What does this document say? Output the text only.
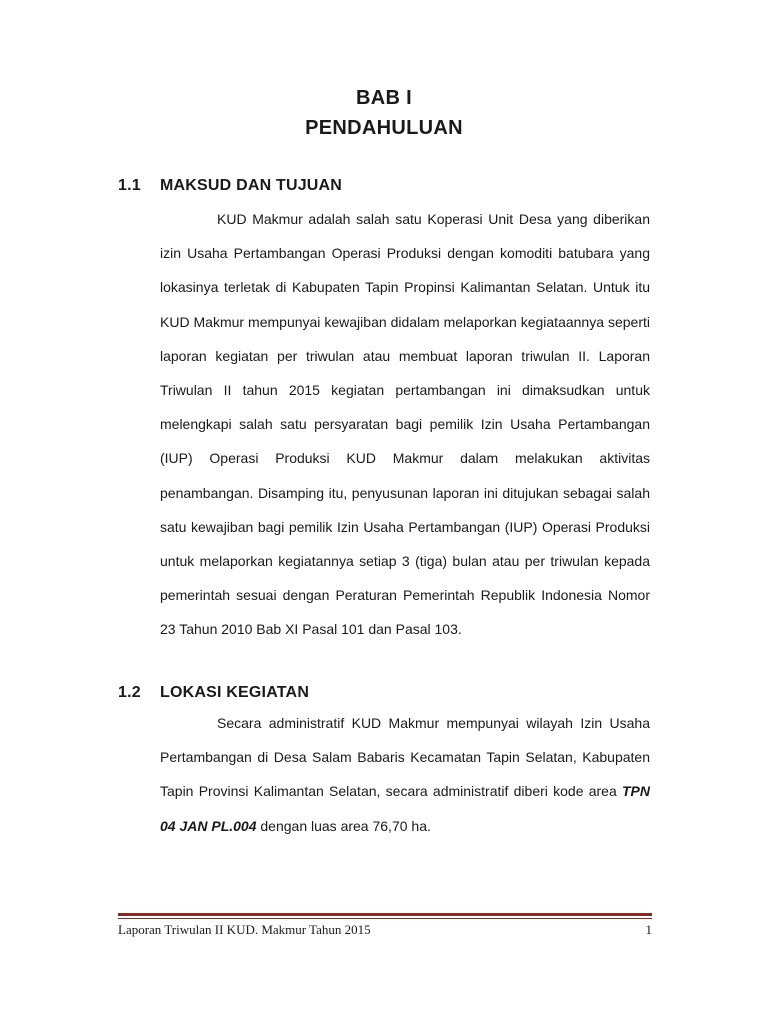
BAB I
PENDAHULUAN
1.1 MAKSUD DAN TUJUAN

KUD Makmur adalah salah satu Koperasi Unit Desa yang diberikan izin Usaha Pertambangan Operasi Produksi dengan komoditi batubara yang lokasinya terletak di Kabupaten Tapin Propinsi Kalimantan Selatan. Untuk itu KUD Makmur mempunyai kewajiban didalam melaporkan kegiataannya seperti laporan kegiatan per triwulan atau membuat laporan triwulan II. Laporan Triwulan II tahun 2015 kegiatan pertambangan ini dimaksudkan untuk melengkapi salah satu persyaratan bagi pemilik Izin Usaha Pertambangan (IUP) Operasi Produksi KUD Makmur dalam melakukan aktivitas penambangan. Disamping itu, penyusunan laporan ini ditujukan sebagai salah satu kewajiban bagi pemilik Izin Usaha Pertambangan (IUP) Operasi Produksi untuk melaporkan kegiatannya setiap 3 (tiga) bulan atau per triwulan kepada pemerintah sesuai dengan Peraturan Pemerintah Republik Indonesia Nomor 23 Tahun 2010 Bab XI Pasal 101 dan Pasal 103.

1.2 LOKASI KEGIATAN

Secara administratif KUD Makmur mempunyai wilayah Izin Usaha Pertambangan di Desa Salam Babaris Kecamatan Tapin Selatan, Kabupaten Tapin Provinsi Kalimantan Selatan, secara administratif diberi kode area TPN 04 JAN PL.004 dengan luas area 76,70 ha.

Laporan Triwulan II KUD. Makmur Tahun 2015	1
